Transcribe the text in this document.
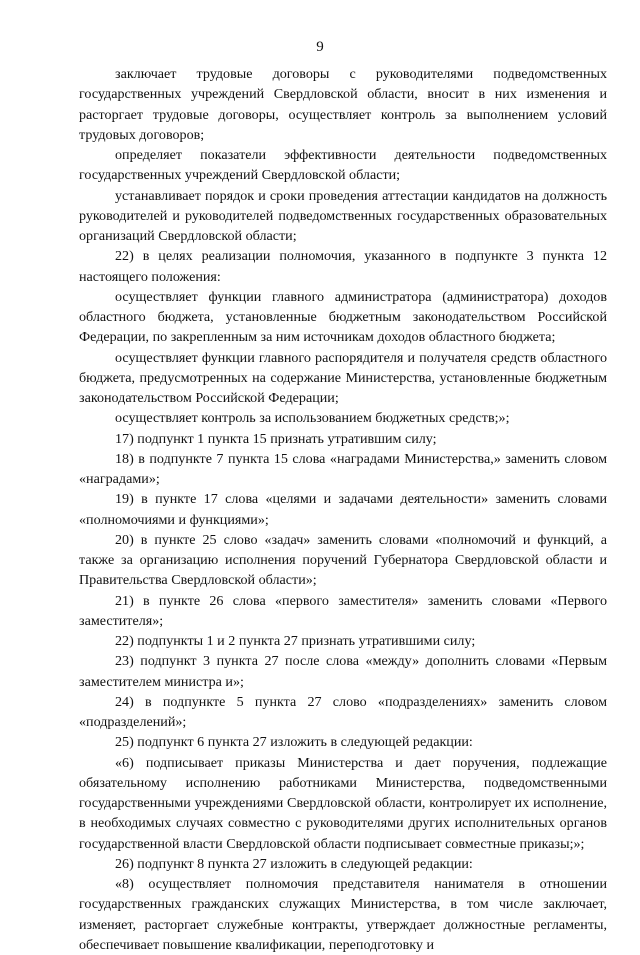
9

заключает трудовые договоры с руководителями подведомственных государственных учреждений Свердловской области, вносит в них изменения и расторгает трудовые договоры, осуществляет контроль за выполнением условий трудовых договоров;

определяет показатели эффективности деятельности подведомственных государственных учреждений Свердловской области;

устанавливает порядок и сроки проведения аттестации кандидатов на должность руководителей и руководителей подведомственных государственных образовательных организаций Свердловской области;

22) в целях реализации полномочия, указанного в подпункте 3 пункта 12 настоящего положения:

осуществляет функции главного администратора (администратора) доходов областного бюджета, установленные бюджетным законодательством Российской Федерации, по закрепленным за ним источникам доходов областного бюджета;

осуществляет функции главного распорядителя и получателя средств областного бюджета, предусмотренных на содержание Министерства, установленные бюджетным законодательством Российской Федерации;

осуществляет контроль за использованием бюджетных средств;»;

17) подпункт 1 пункта 15 признать утратившим силу;

18) в подпункте 7 пункта 15 слова «наградами Министерства,» заменить словом «наградами»;

19) в пункте 17 слова «целями и задачами деятельности» заменить словами «полномочиями и функциями»;

20) в пункте 25 слово «задач» заменить словами «полномочий и функций, а также за организацию исполнения поручений Губернатора Свердловской области и Правительства Свердловской области»;

21) в пункте 26 слова «первого заместителя» заменить словами «Первого заместителя»;

22) подпункты 1 и 2 пункта 27 признать утратившими силу;

23) подпункт 3 пункта 27 после слова «между» дополнить словами «Первым заместителем министра и»;

24) в подпункте 5 пункта 27 слово «подразделениях» заменить словом «подразделений»;

25) подпункт 6 пункта 27 изложить в следующей редакции:

«6) подписывает приказы Министерства и дает поручения, подлежащие обязательному исполнению работниками Министерства, подведомственными государственными учреждениями Свердловской области, контролирует их исполнение, в необходимых случаях совместно с руководителями других исполнительных органов государственной власти Свердловской области подписывает совместные приказы;»;

26) подпункт 8 пункта 27 изложить в следующей редакции:

«8) осуществляет полномочия представителя нанимателя в отношении государственных гражданских служащих Министерства, в том числе заключает, изменяет, расторгает служебные контракты, утверждает должностные регламенты, обеспечивает повышение квалификации, переподготовку и
